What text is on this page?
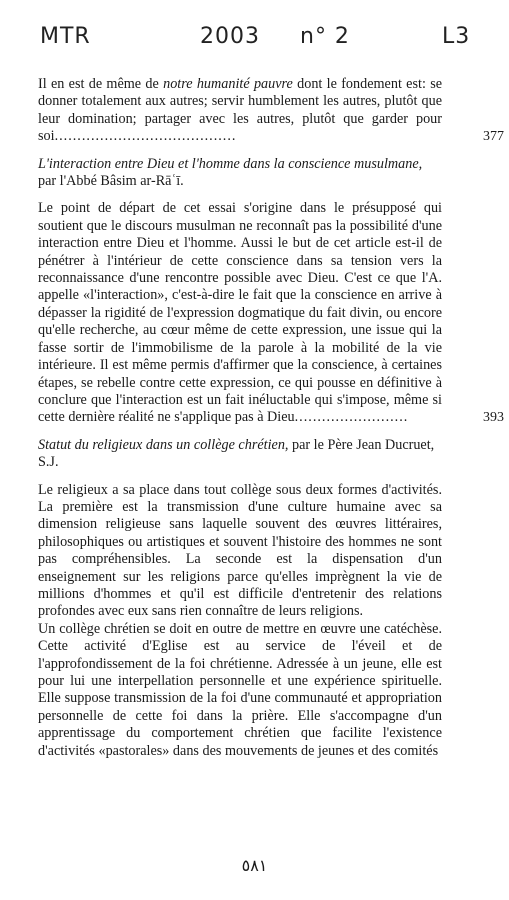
MTR	2003 n° 2	L3

Il en est de même de notre humanité pauvre dont le fondement est: se donner totalement aux autres; servir humblement les autres, plutôt que leur domination; partager avec les autres, plutôt que garder pour soi........................................	377

L'interaction entre Dieu et l'homme dans la conscience musulmane, par l'Abbé Bâsim ar-Rāʿī.

Le point de départ de cet essai s'origine dans le présupposé qui soutient que le discours musulman ne reconnaît pas la possibilité d'une interaction entre Dieu et l'homme. Aussi le but de cet article est-il de pénétrer à l'intérieur de cette conscience dans sa tension vers la reconnaissance d'une rencontre possible avec Dieu. C'est ce que l'A. appelle «l'interaction», c'est-à-dire le fait que la conscience en arrive à dépasser la rigidité de l'expression dogmatique du fait divin, ou encore qu'elle recherche, au cœur même de cette expression, une issue qui la fasse sortir de l'immobilisme de la parole à la mobilité de la vie intérieure. Il est même permis d'affirmer que la conscience, à certaines étapes, se rebelle contre cette expression, ce qui pousse en définitive à conclure que l'interaction est un fait inéluctable qui s'impose, même si cette dernière réalité ne s'applique pas à Dieu.........................	393

Statut du religieux dans un collège chrétien, par le Père Jean Ducruet, S.J.

Le religieux a sa place dans tout collège sous deux formes d'activités. La première est la transmission d'une culture humaine avec sa dimension religieuse sans laquelle souvent des œuvres littéraires, philosophiques ou artistiques et souvent l'histoire des hommes ne sont pas compréhensibles. La seconde est la dispensation d'un enseignement sur les religions parce qu'elles imprègnent la vie de millions d'hommes et qu'il est difficile d'entretenir des relations profondes avec eux sans rien connaître de leurs religions.

Un collège chrétien se doit en outre de mettre en œuvre une catéchèse. Cette activité d'Eglise est au service de l'éveil et de l'approfondissement de la foi chrétienne. Adressée à un jeune, elle est pour lui une interpellation personnelle et une expérience spirituelle. Elle suppose transmission de la foi d'une communauté et appropriation personnelle de cette foi dans la prière. Elle s'accompagne d'un apprentissage du comportement chrétien que facilite l'existence d'activités «pastorales» dans des mouvements de jeunes et des comités

٥٨١
